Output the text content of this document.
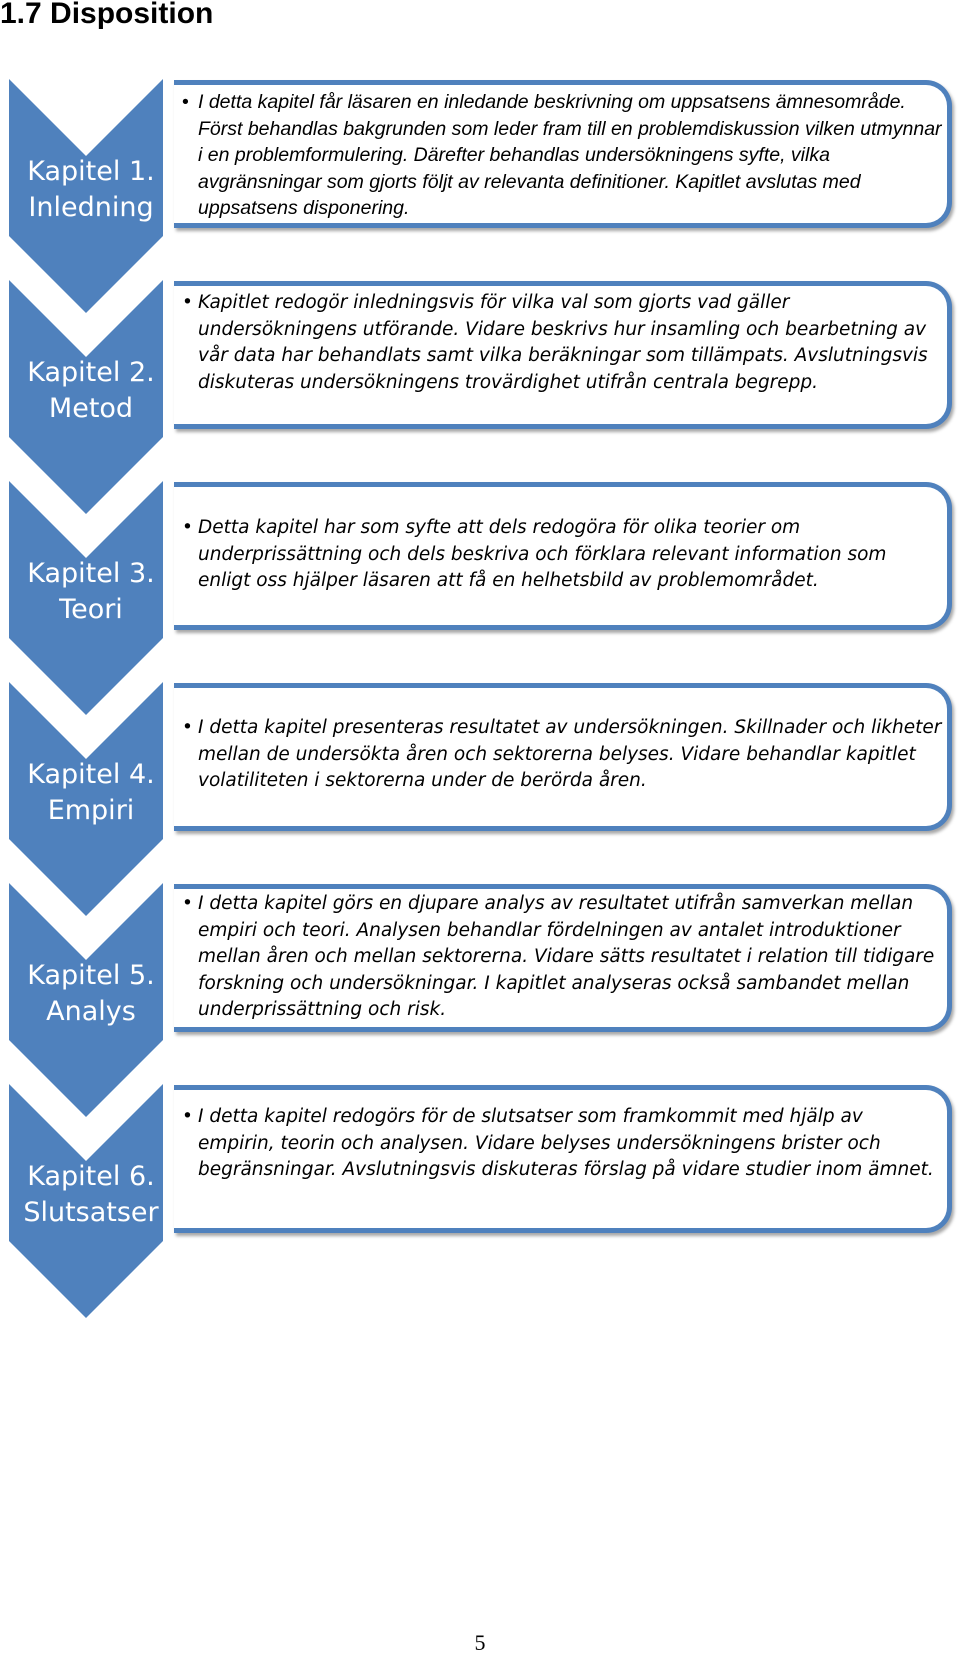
1.7 Disposition
Kapitel 1.
Inledning
• I detta kapitel får läsaren en inledande beskrivning om uppsatsens ämnesområde. Först behandlas bakgrunden som leder fram till en problemdiskussion vilken utmynnar i en problemformulering. Därefter behandlas undersökningens syfte, vilka avgränsningar som gjorts följt av relevanta definitioner. Kapitlet avslutas med uppsatsens disponering.
Kapitel 2.
Metod
• Kapitlet redogör inledningsvis för vilka val som gjorts vad gäller undersökningens utförande. Vidare beskrivs hur insamling och bearbetning av vår data har behandlats samt vilka beräkningar som tillämpats. Avslutningsvis diskuteras undersökningens trovärdighet utifrån centrala begrepp.
Kapitel 3.
Teori
• Detta kapitel har som syfte att dels redogöra för olika teorier om underprissättning och dels beskriva och förklara relevant information som enligt oss hjälper läsaren att få en helhetsbild av problemområdet.
Kapitel 4.
Empiri
• I detta kapitel presenteras resultatet av undersökningen. Skillnader och likheter mellan de undersökta åren och sektorerna belyses. Vidare behandlar kapitlet volatiliteten i sektorerna under de berörda åren.
Kapitel 5.
Analys
• I detta kapitel görs en djupare analys av resultatet utifrån samverkan mellan empiri och teori. Analysen behandlar fördelningen av antalet introduktioner mellan åren och mellan sektorerna. Vidare sätts resultatet i relation till tidigare forskning och undersökningar. I kapitlet analyseras också sambandet mellan underprissättning och risk.
Kapitel 6.
Slutsatser
• I detta kapitel redogörs för de slutsatser som framkommit med hjälp av empirin, teorin och analysen. Vidare belyses undersökningens brister och begränsningar. Avslutningsvis diskuteras förslag på vidare studier inom ämnet.
5
